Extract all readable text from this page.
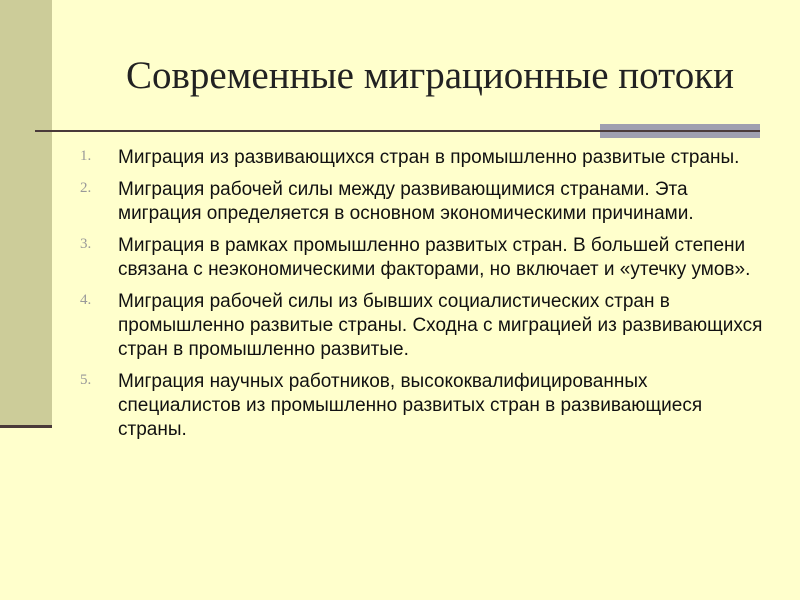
Современные миграционные потоки
1. Миграция из развивающихся стран в промышленно развитые страны.
2. Миграция рабочей силы между развивающимися странами. Эта миграция определяется в основном экономическими причинами.
3. Миграция в рамках промышленно развитых стран. В большей степени связана с неэкономическими факторами, но включает и «утечку умов».
4. Миграция рабочей силы из бывших социалистических стран в промышленно развитые страны. Сходна с миграцией из развивающихся стран в промышленно развитые.
5. Миграция научных работников, высококвалифицированных специалистов из промышленно развитых стран в развивающиеся страны.
